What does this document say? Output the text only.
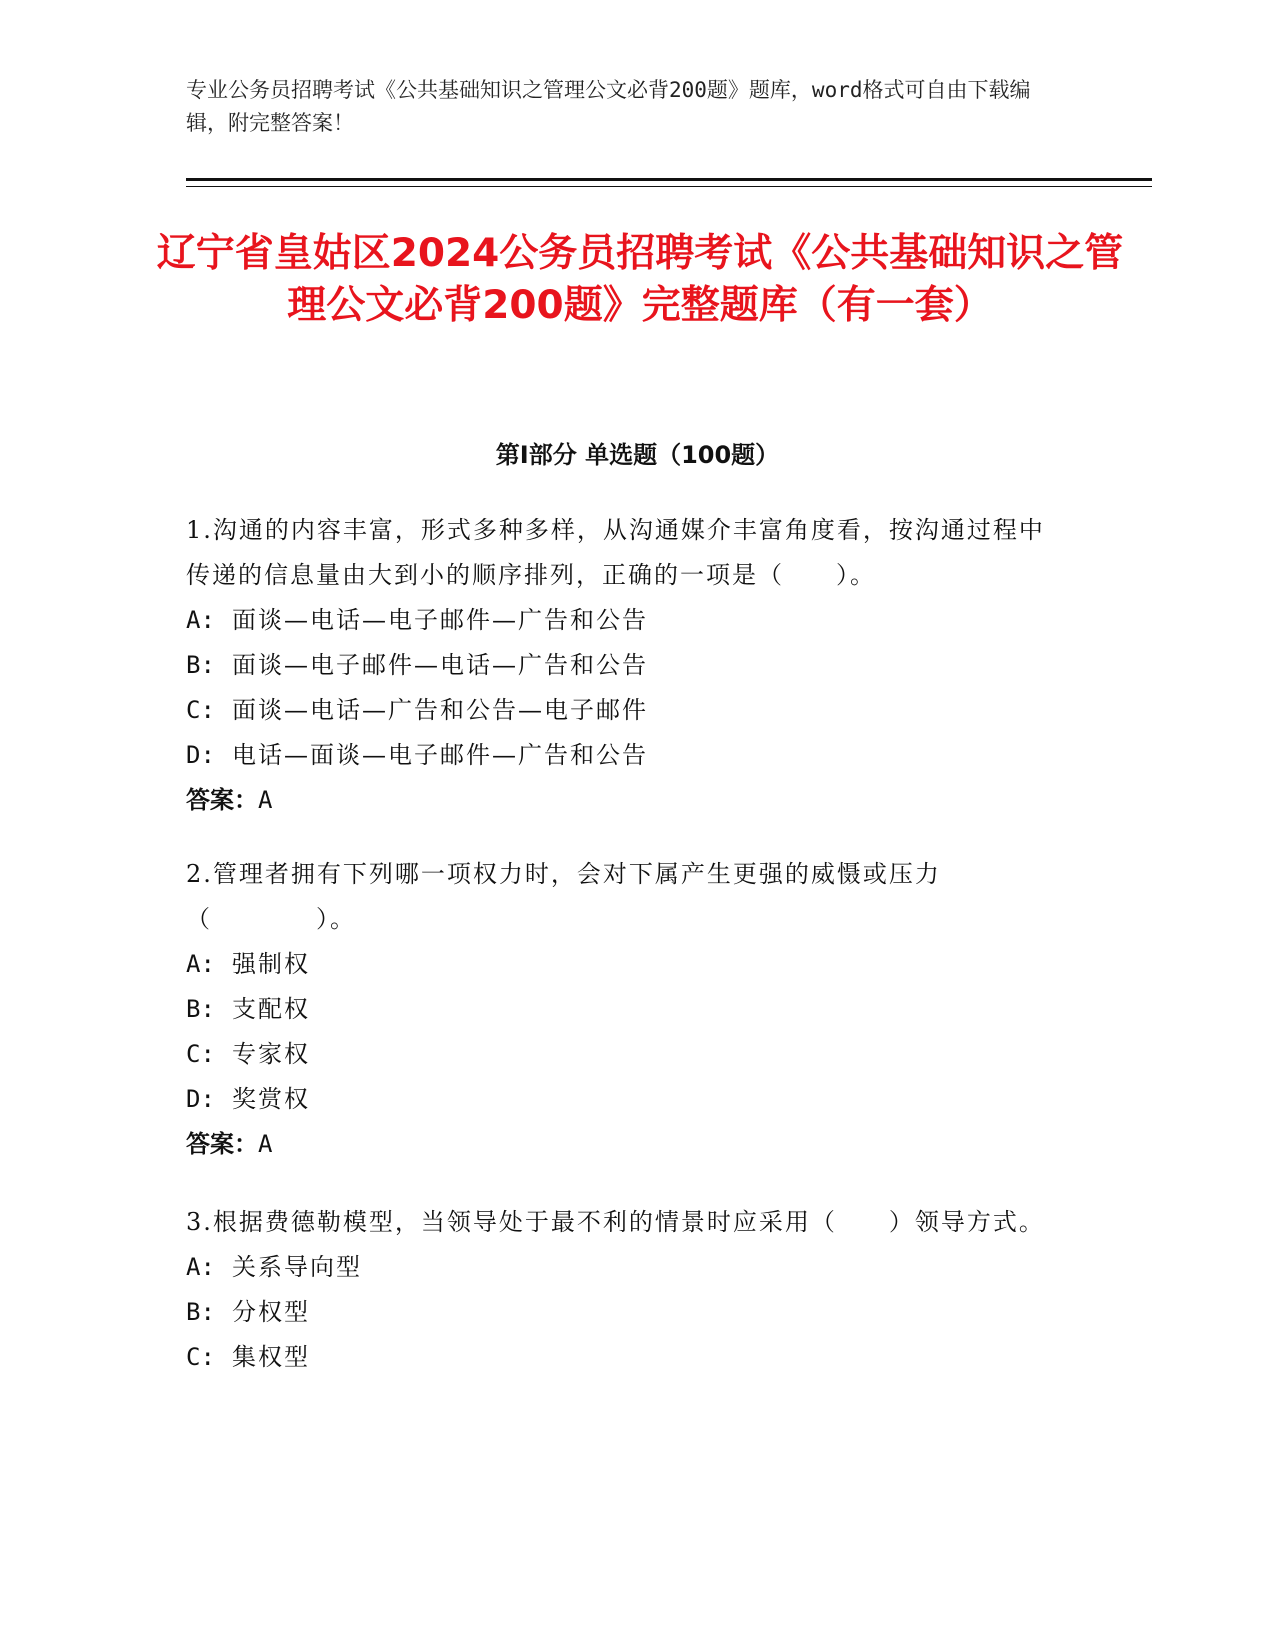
专业公务员招聘考试《公共基础知识之管理公文必背200题》题库，word格式可自由下载编辑，附完整答案！
辽宁省皇姑区2024公务员招聘考试《公共基础知识之管理公文必背200题》完整题库（有一套）
第I部分 单选题（100题）

1.沟通的内容丰富，形式多种多样，从沟通媒介丰富角度看，按沟通过程中传递的信息量由大到小的顺序排列，正确的一项是（　　）。

A: 面谈—电话—电子邮件—广告和公告
B: 面谈—电子邮件—电话—广告和公告
C: 面谈—电话—广告和公告—电子邮件
D: 电话—面谈—电子邮件—广告和公告
答案：A

2.管理者拥有下列哪一项权力时，会对下属产生更强的威慑或压力（　　　　）。

A: 强制权
B: 支配权
C: 专家权
D: 奖赏权
答案：A

3.根据费德勒模型，当领导处于最不利的情景时应采用（　　）领导方式。

A: 关系导向型
B: 分权型
C: 集权型
